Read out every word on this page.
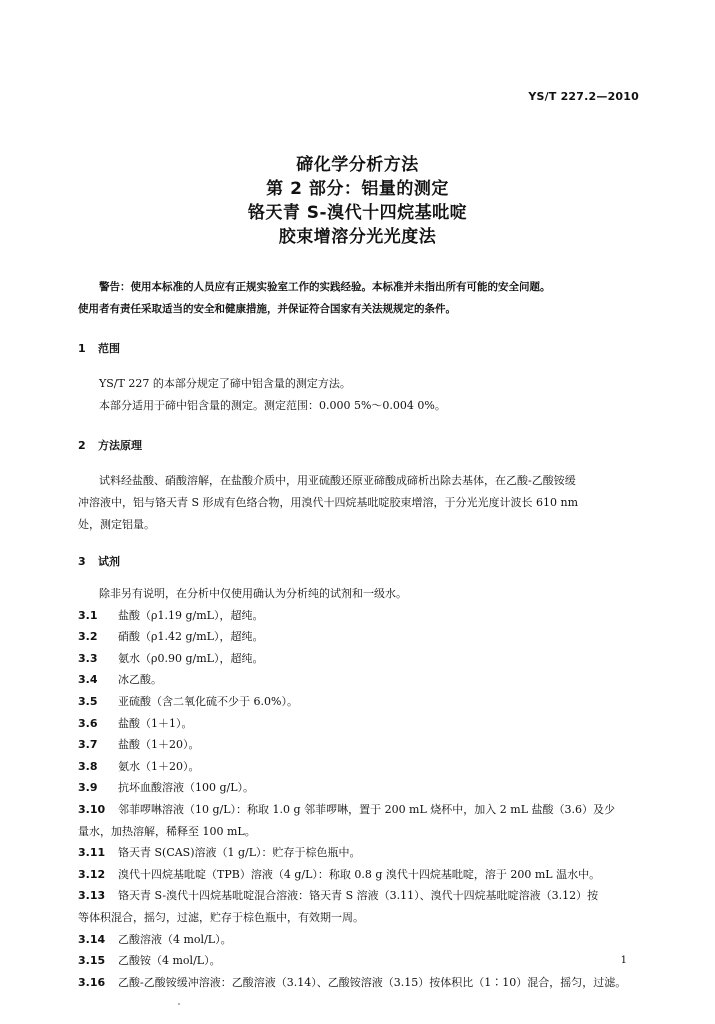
YS/T 227.2—2010
碲化学分析方法
第 2 部分：铝量的测定
铬天青 S-溴代十四烷基吡啶
胶束增溶分光光度法
警告：使用本标准的人员应有正规实验室工作的实践经验。本标准并未指出所有可能的安全问题。
使用者有责任采取适当的安全和健康措施，并保证符合国家有关法规规定的条件。
1 范围
YS/T 227 的本部分规定了碲中铝含量的测定方法。
本部分适用于碲中铝含量的测定。测定范围：0.000 5%～0.004 0%。
2 方法原理
试料经盐酸、硝酸溶解，在盐酸介质中，用亚硫酸还原亚碲酸成碲析出除去基体，在乙酸-乙酸铵缓
冲溶液中，铝与铬天青 S 形成有色络合物，用溴代十四烷基吡啶胶束增溶，于分光光度计波长 610 nm
处，测定铝量。
3 试剂
除非另有说明，在分析中仅使用确认为分析纯的试剂和一级水。
3.1 盐酸（ρ1.19 g/mL），超纯。
3.2 硝酸（ρ1.42 g/mL），超纯。
3.3 氨水（ρ0.90 g/mL），超纯。
3.4 冰乙酸。
3.5 亚硫酸（含二氧化硫不少于 6.0%）。
3.6 盐酸（1＋1）。
3.7 盐酸（1＋20）。
3.8 氨水（1＋20）。
3.9 抗坏血酸溶液（100 g/L）。
3.10 邻菲啰啉溶液（10 g/L）：称取 1.0 g 邻菲啰啉，置于 200 mL 烧杯中，加入 2 mL 盐酸（3.6）及少
量水，加热溶解，稀释至 100 mL。
3.11 铬天青 S(CAS)溶液（1 g/L）：贮存于棕色瓶中。
3.12 溴代十四烷基吡啶（TPB）溶液（4 g/L）：称取 0.8 g 溴代十四烷基吡啶，溶于 200 mL 温水中。
3.13 铬天青 S-溴代十四烷基吡啶混合溶液：铬天青 S 溶液（3.11）、溴代十四烷基吡啶溶液（3.12）按
等体积混合，摇匀，过滤，贮存于棕色瓶中，有效期一周。
3.14 乙酸溶液（4 mol/L）。
3.15 乙酸铵（4 mol/L）。
3.16 乙酸-乙酸铵缓冲溶液：乙酸溶液（3.14）、乙酸铵溶液（3.15）按体积比（1∶10）混合，摇匀，过滤。
1
